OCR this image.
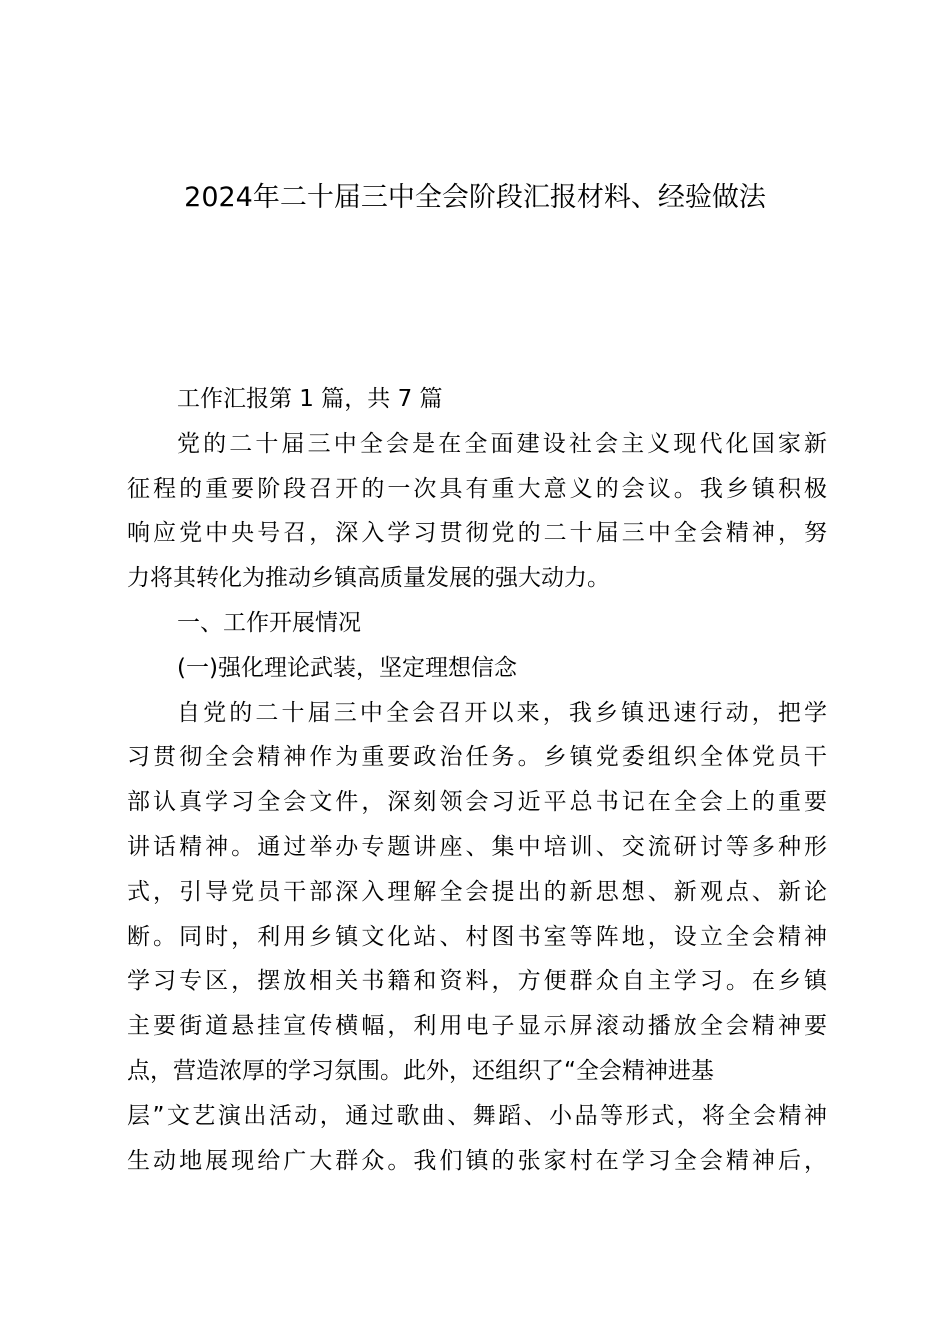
2024年二十届三中全会阶段汇报材料、经验做法

工作汇报第 1 篇，共 7 篇

党的二十届三中全会是在全面建设社会主义现代化国家新

征程的重要阶段召开的一次具有重大意义的会议。我乡镇积极

响应党中央号召，深入学习贯彻党的二十届三中全会精神，努

力将其转化为推动乡镇高质量发展的强大动力。

一、工作开展情况

(一)强化理论武装，坚定理想信念

自党的二十届三中全会召开以来，我乡镇迅速行动，把学

习贯彻全会精神作为重要政治任务。乡镇党委组织全体党员干

部认真学习全会文件，深刻领会习近平总书记在全会上的重要

讲话精神。通过举办专题讲座、集中培训、交流研讨等多种形

式，引导党员干部深入理解全会提出的新思想、新观点、新论

断。同时，利用乡镇文化站、村图书室等阵地，设立全会精神

学习专区，摆放相关书籍和资料，方便群众自主学习。在乡镇

主要街道悬挂宣传横幅，利用电子显示屏滚动播放全会精神要

点，营造浓厚的学习氛围。此外，还组织了“全会精神进基

层”文艺演出活动，通过歌曲、舞蹈、小品等形式，将全会精神

生动地展现给广大群众。我们镇的张家村在学习全会精神后，
